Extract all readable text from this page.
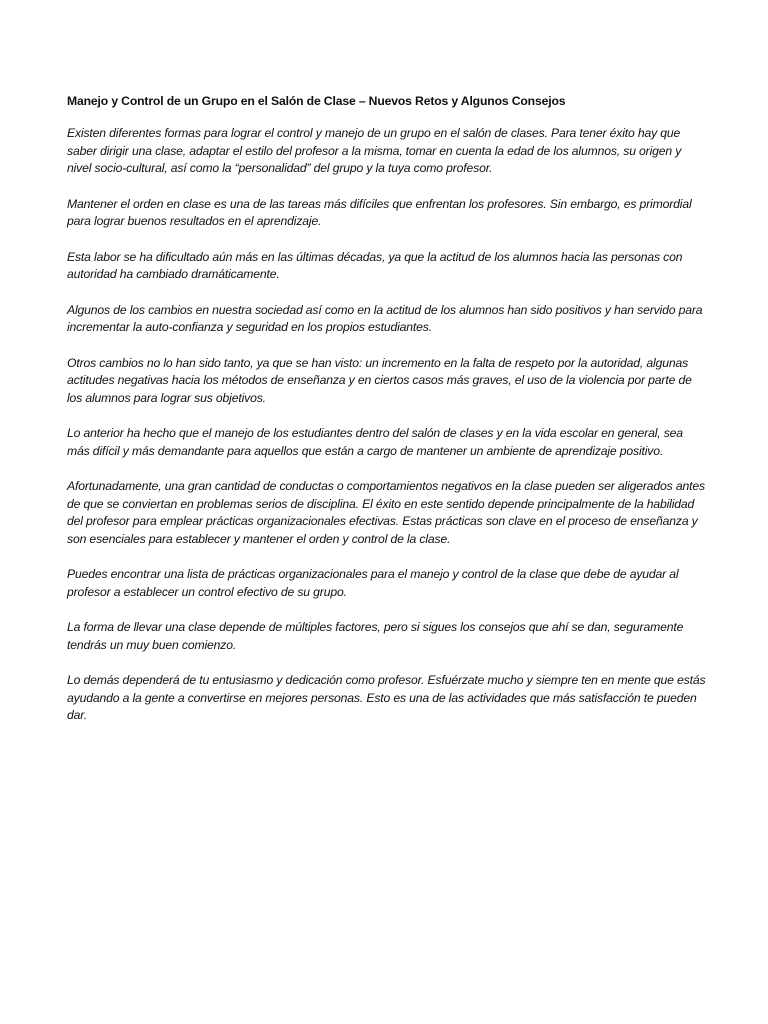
Manejo y Control de un Grupo en el Salón de Clase – Nuevos Retos y Algunos Consejos

Existen diferentes formas para lograr el control y manejo de un grupo en el salón de clases. Para tener éxito hay que saber dirigir una clase, adaptar el estilo del profesor a la misma, tomar en cuenta la edad de los alumnos, su origen y nivel socio-cultural, así como la “personalidad” del grupo y la tuya como profesor.

Mantener el orden en clase es una de las tareas más difíciles que enfrentan los profesores. Sin embargo, es primordial para lograr buenos resultados en el aprendizaje.

Esta labor se ha dificultado aún más en las últimas décadas, ya que la actitud de los alumnos hacia las personas con autoridad ha cambiado dramáticamente.

Algunos de los cambios en nuestra sociedad así como en la actitud de los alumnos han sido positivos y han servido para incrementar la auto-confianza y seguridad en los propios estudiantes.

Otros cambios no lo han sido tanto, ya que se han visto: un incremento en la falta de respeto por la autoridad, algunas actitudes negativas hacia los métodos de enseñanza y en ciertos casos más graves, el uso de la violencia por parte de los alumnos para lograr sus objetivos.

Lo anterior ha hecho que el manejo de los estudiantes dentro del salón de clases y en la vida escolar en general, sea más difícil y más demandante para aquellos que están a cargo de mantener un ambiente de aprendizaje positivo.

Afortunadamente, una gran cantidad de conductas o comportamientos negativos en la clase pueden ser aligerados antes de que se conviertan en problemas serios de disciplina. El éxito en este sentido depende principalmente de la habilidad del profesor para emplear prácticas organizacionales efectivas. Estas prácticas son clave en el proceso de enseñanza y son esenciales para establecer y mantener el orden y control de la clase.

Puedes encontrar una lista de prácticas organizacionales para el manejo y control de la clase que debe de ayudar al profesor a establecer un control efectivo de su grupo.

La forma de llevar una clase depende de múltiples factores, pero si sigues los consejos que ahí se dan, seguramente tendrás un muy buen comienzo.

Lo demás dependerá de tu entusiasmo y dedicación como profesor. Esfuérzate mucho y siempre ten en mente que estás ayudando a la gente a convertirse en mejores personas. Esto es una de las actividades que más satisfacción te pueden dar.
